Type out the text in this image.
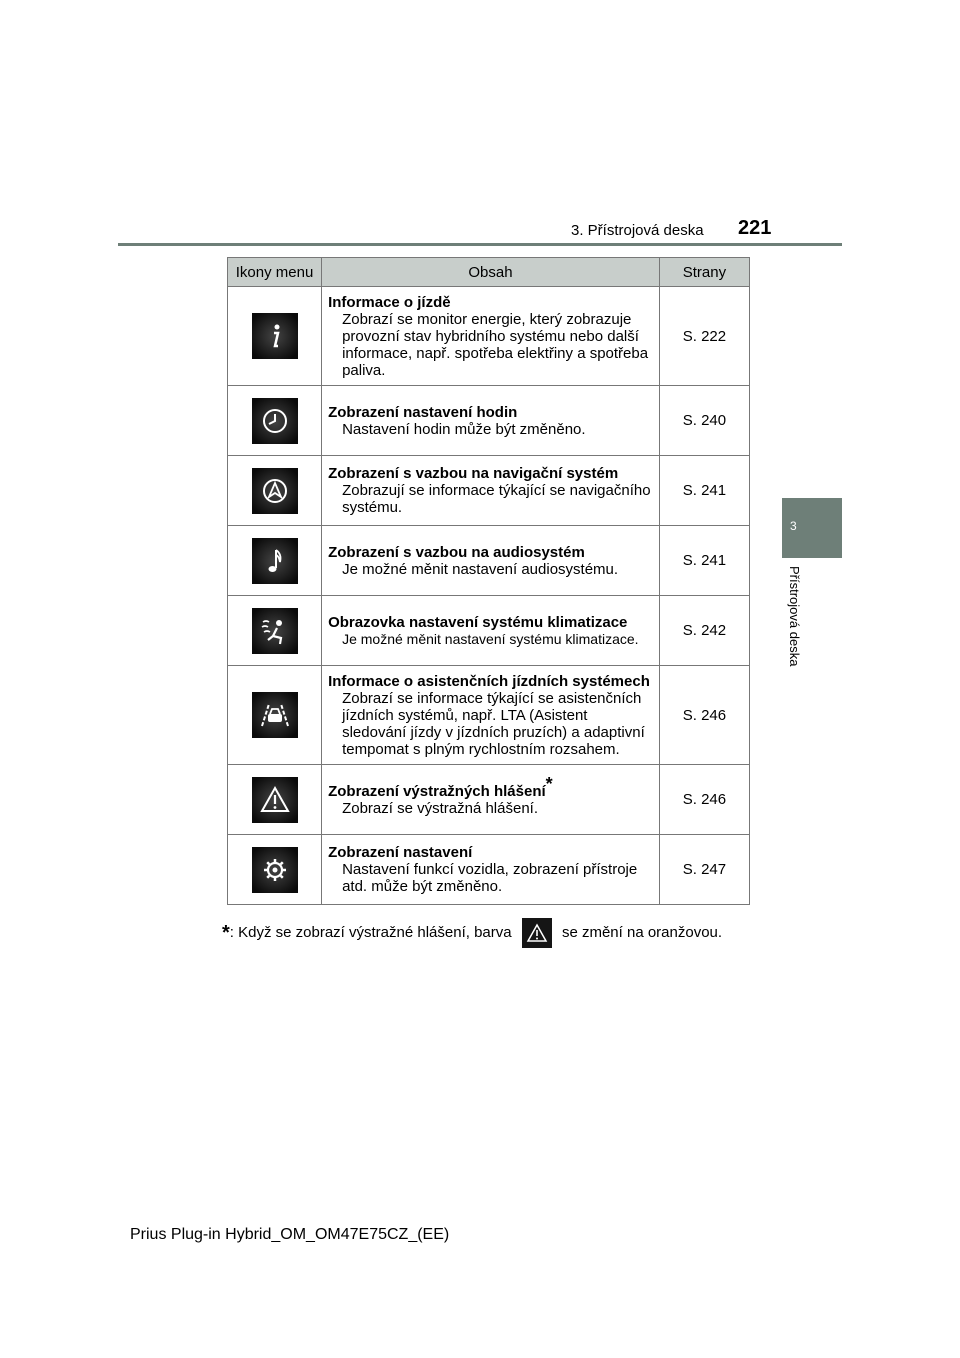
3. Přístrojová deska 221
3
Přístrojová deska
Ikony menu	Obsah	Strany

Informace o jízdě
Zobrazí se monitor energie, který zobrazuje provozní stav hybridního systému nebo další informace, např. spotřeba elektřiny a spotřeba paliva.	S. 222

Zobrazení nastavení hodin
Nastavení hodin může být změněno.	S. 240

Zobrazení s vazbou na navigační systém
Zobrazují se informace týkající se navigačního systému.	S. 241

Zobrazení s vazbou na audiosystém
Je možné měnit nastavení audiosystému.	S. 241

Obrazovka nastavení systému klimatizace
Je možné měnit nastavení systému klimatizace.	S. 242

Informace o asistenčních jízdních systémech
Zobrazí se informace týkající se asistenčních jízdních systémů, např. LTA (Asistent sledování jízdy v jízdních pruzích) a adaptivní tempomat s plným rychlostním rozsahem.	S. 246

Zobrazení výstražných hlášení*
Zobrazí se výstražná hlášení.	S. 246

Zobrazení nastavení
Nastavení funkcí vozidla, zobrazení přístroje atd. může být změněno.	S. 247
*: Když se zobrazí výstražné hlášení, barva	se změní na oranžovou.
Prius Plug-in Hybrid_OM_OM47E75CZ_(EE)
